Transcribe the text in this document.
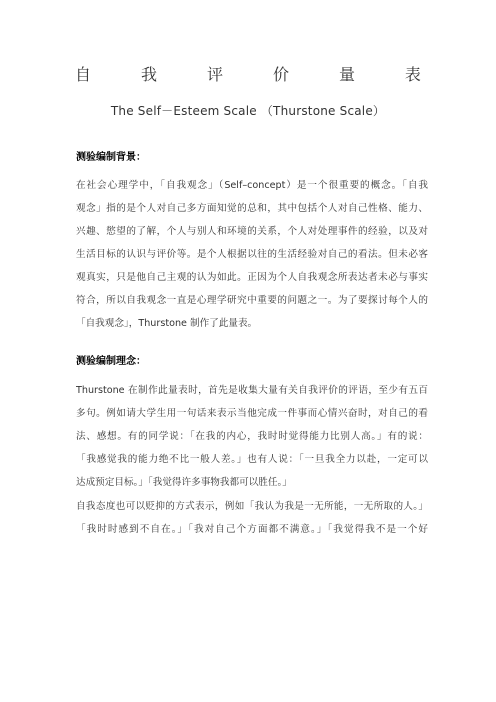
自	我	评	价	量	表
The Self－Esteem Scale （Thurstone Scale）
测验编制背景：
在社会心理学中，「自我观念」（Self–concept）是一个很重要的概念。「自我
观念」指的是个人对自己多方面知觉的总和，其中包括个人对自己性格、能力、
兴趣、慾望的了解，个人与别人和环境的关系，个人对处理事件的经验，以及对
生活目标的认识与评价等。是个人根据以往的生活经验对自己的看法。但未必客
观真实，只是他自己主观的认为如此。正因为个人自我观念所表达者未必与事实
符合，所以自我观念一直是心理学研究中重要的问题之一。为了要探讨每个人的
「自我观念」，Thurstone 制作了此量表。
测验编制理念：
Thurstone 在制作此量表时，首先是收集大量有关自我评价的评语，至少有五百
多句。例如请大学生用一句话来表示当他完成一件事而心情兴奋时，对自己的看
法、感想。有的同学说：「在我的内心，我时时觉得能力比别人高。」有的说：
「我感觉我的能力绝不比一般人差。」也有人说：「一旦我全力以赴，一定可以
达成预定目标。」「我觉得许多事物我都可以胜任。」
自我态度也可以贬抑的方式表示，例如「我认为我是一无所能，一无所取的人。」
「我时时感到不自在。」「我对自己个方面都不满意。」「我觉得我不是一个好
